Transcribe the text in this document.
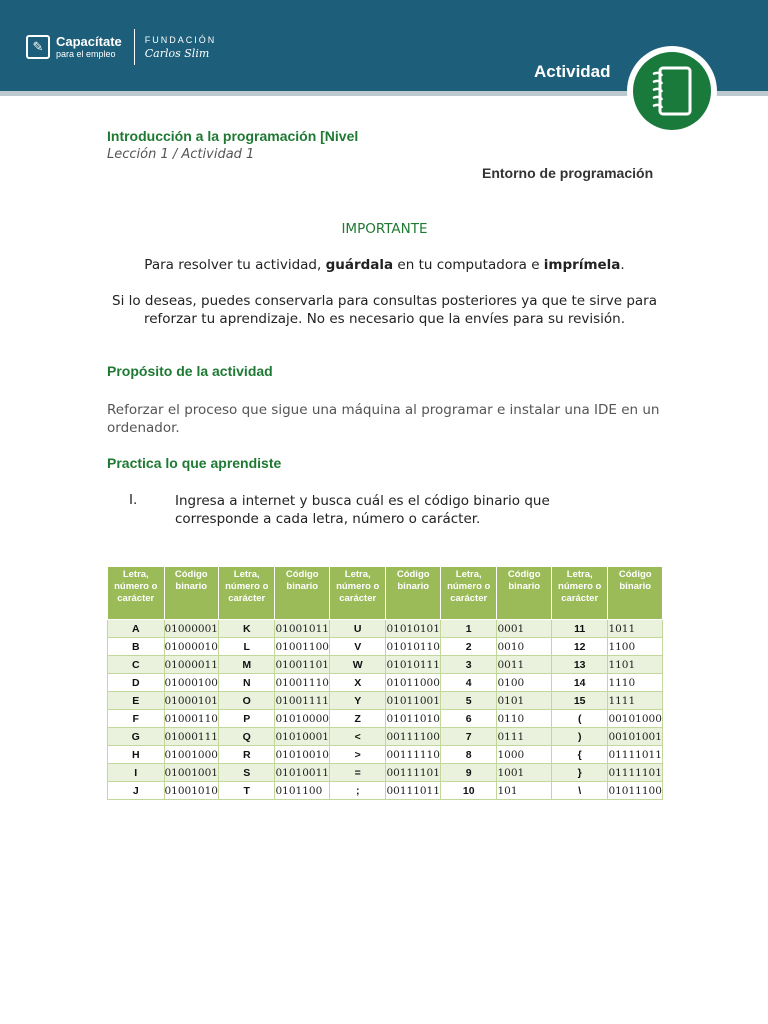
✎ Capacítate
para el empleo
FUNDACIÓN
Carlos Slim
Actividad
Introducción a la programación [Nivel
Lección 1 / Actividad 1
Entorno de programación
IMPORTANTE
Para resolver tu actividad, guárdala en tu computadora e imprímela.
Si lo deseas, puedes conservarla para consultas posteriores ya que te sirve para reforzar tu aprendizaje. No es necesario que la envíes para su revisión.
Propósito de la actividad
Reforzar el proceso que sigue una máquina al programar e instalar una IDE en un ordenador.
Practica lo que aprendiste
I.	Ingresa a internet y busca cuál es el código binario que corresponde a cada letra, número o carácter.
Letra, número o carácter	Código binario	Letra, número o carácter	Código binario	Letra, número o carácter	Código binario	Letra, número o carácter	Código binario	Letra, número o carácter	Código binario
A	01000001	K	01001011	U	01010101	1	0001	11	1011
B	01000010	L	01001100	V	01010110	2	0010	12	1100
C	01000011	M	01001101	W	01010111	3	0011	13	1101
D	01000100	N	01001110	X	01011000	4	0100	14	1110
E	01000101	O	01001111	Y	01011001	5	0101	15	1111
F	01000110	P	01010000	Z	01011010	6	0110	(	00101000
G	01000111	Q	01010001	<	00111100	7	0111	)	00101001
H	01001000	R	01010010	>	00111110	8	1000	{	01111011
I	01001001	S	01010011	=	00111101	9	1001	}	01111101
J	01001010	T	0101100	;	00111011	10	101	\	01011100
